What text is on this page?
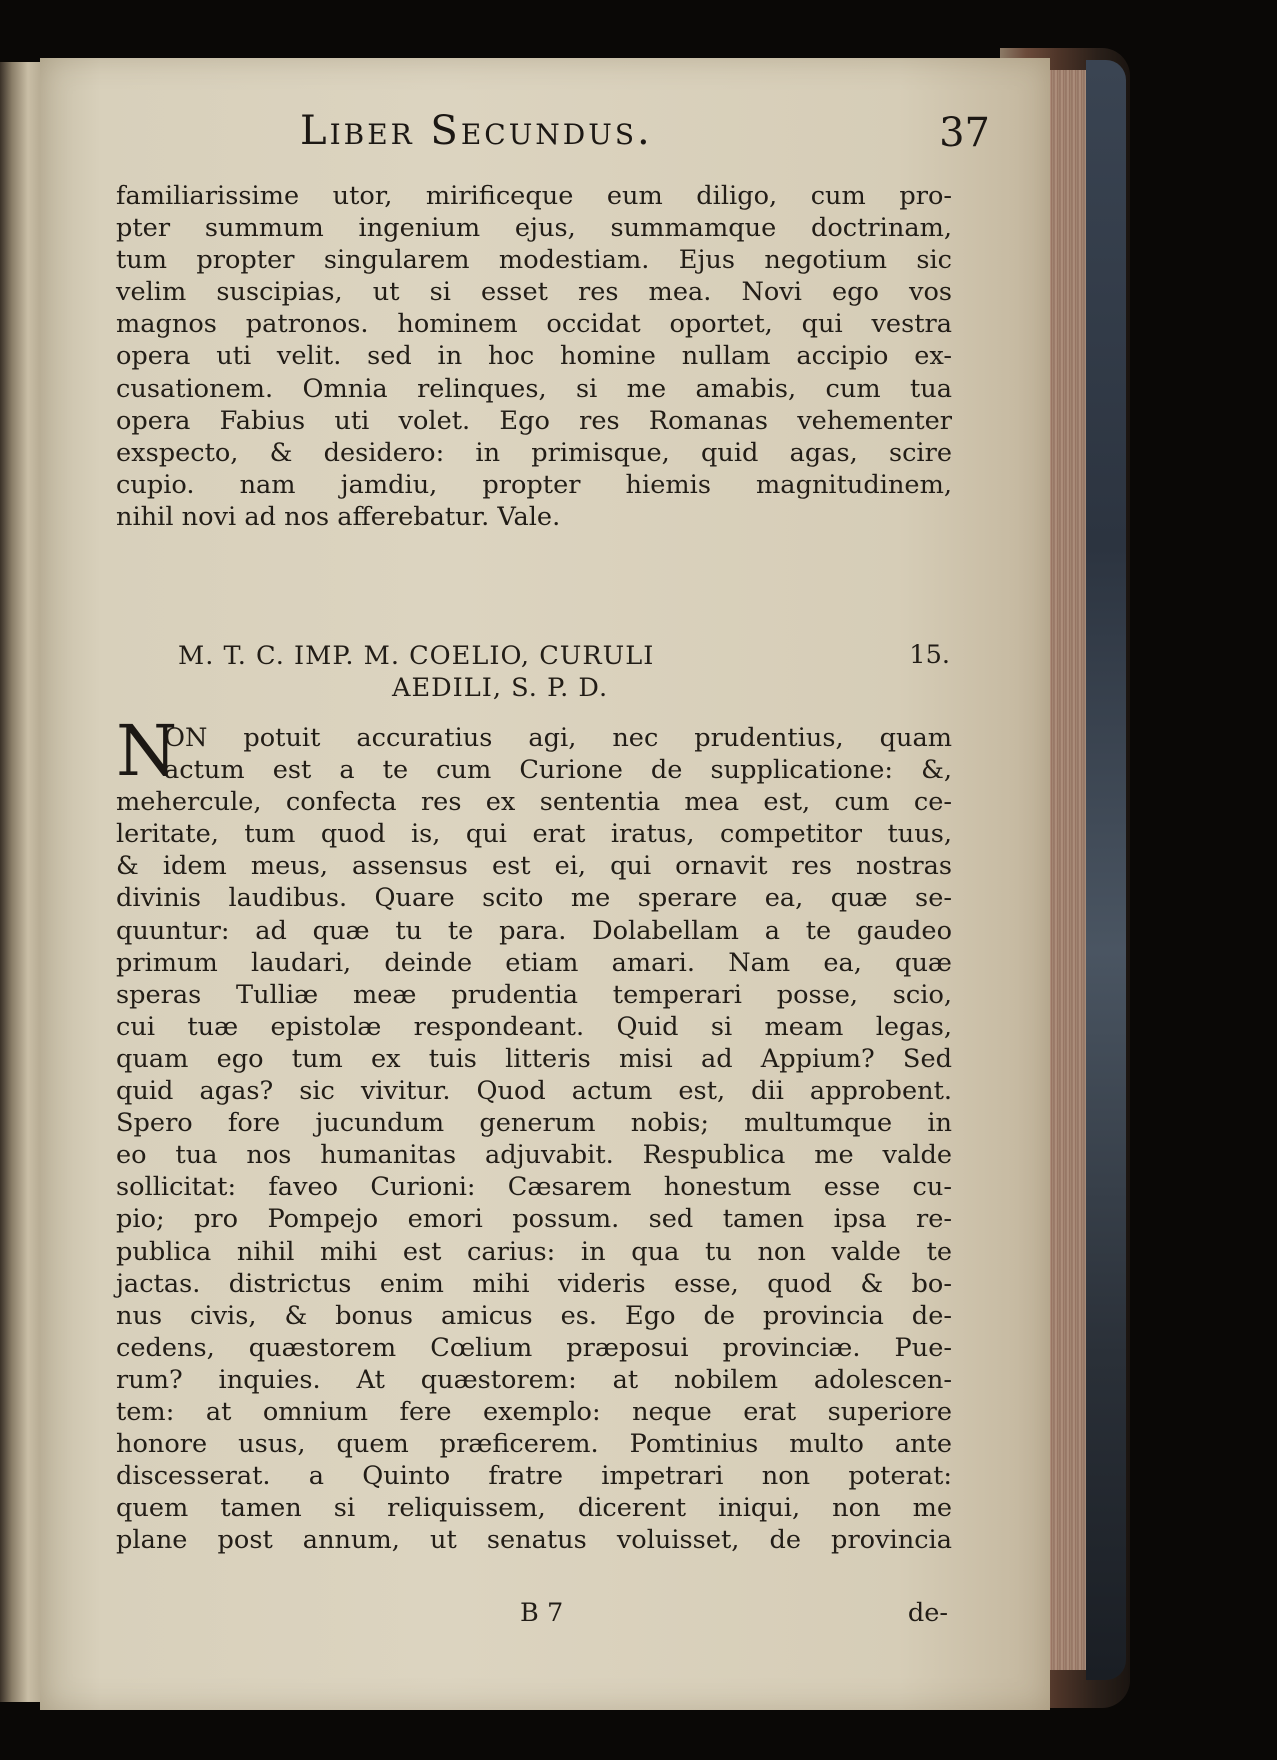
Liber Secundus.	37
familiarissime utor, mirificeque eum diligo, cum pro-
pter summum ingenium ejus, summamque doctrinam,
tum propter singularem modestiam. Ejus negotium sic
velim suscipias, ut si esset res mea. Novi ego vos
magnos patronos. hominem occidat oportet, qui vestra
opera uti velit. sed in hoc homine nullam accipio ex-
cusationem. Omnia relinques, si me amabis, cum tua
opera Fabius uti volet. Ego res Romanas vehementer
exspecto, & desidero: in primisque, quid agas, scire
cupio. nam jamdiu, propter hiemis magnitudinem,
nihil novi ad nos afferebatur. Vale.
M. T. C. IMP. M. COELIO, CURULI
AEDILI, S. P. D.
15.
N
ON potuit accuratius agi, nec prudentius, quam
actum est a te cum Curione de supplicatione: &,
mehercule, confecta res ex sententia mea est, cum ce-
leritate, tum quod is, qui erat iratus, competitor tuus,
& idem meus, assensus est ei, qui ornavit res nostras
divinis laudibus. Quare scito me sperare ea, quæ se-
quuntur: ad quæ tu te para. Dolabellam a te gaudeo
primum laudari, deinde etiam amari. Nam ea, quæ
speras Tulliæ meæ prudentia temperari posse, scio,
cui tuæ epistolæ respondeant. Quid si meam legas,
quam ego tum ex tuis litteris misi ad Appium? Sed
quid agas? sic vivitur. Quod actum est, dii approbent.
Spero fore jucundum generum nobis; multumque in
eo tua nos humanitas adjuvabit. Respublica me valde
sollicitat: faveo Curioni: Cæsarem honestum esse cu-
pio; pro Pompejo emori possum. sed tamen ipsa re-
publica nihil mihi est carius: in qua tu non valde te
jactas. districtus enim mihi videris esse, quod & bo-
nus civis, & bonus amicus es. Ego de provincia de-
cedens, quæstorem Cœlium præposui provinciæ. Pue-
rum? inquies. At quæstorem: at nobilem adolescen-
tem: at omnium fere exemplo: neque erat superiore
honore usus, quem præficerem. Pomtinius multo ante
discesserat. a Quinto fratre impetrari non poterat:
quem tamen si reliquissem, dicerent iniqui, non me
plane post annum, ut senatus voluisset, de provincia
B 7	de-
